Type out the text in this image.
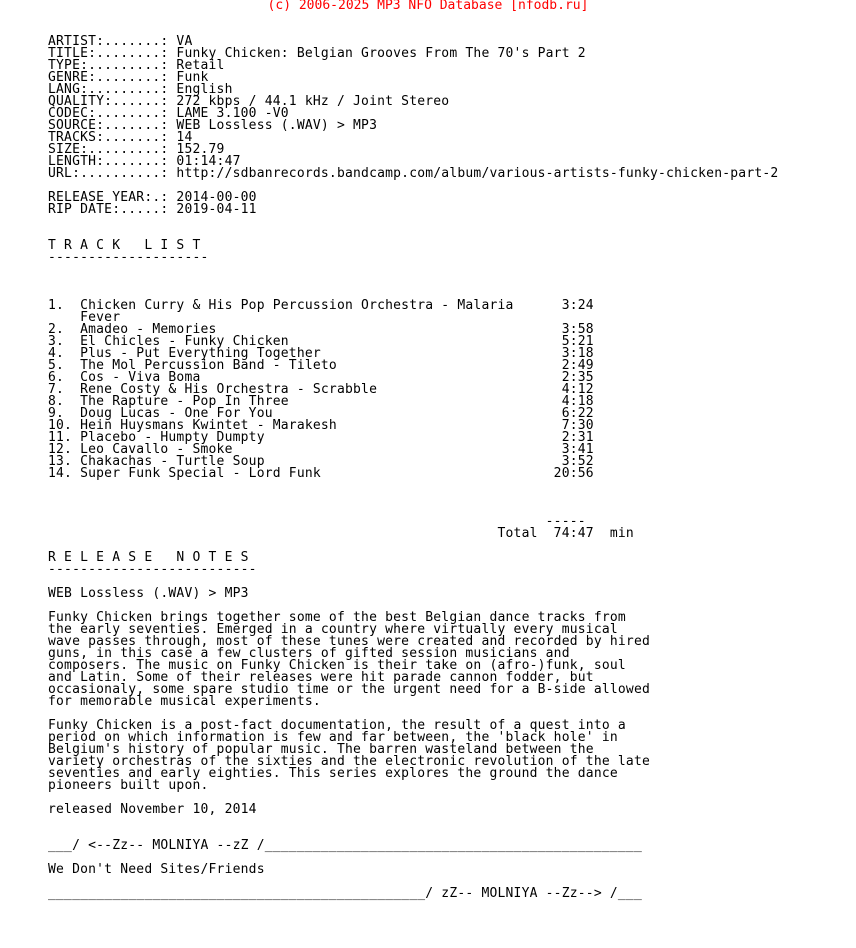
(c) 2006-2025 MP3 NFO Database [nfodb.ru]
ARTIST:.......: VA
TITLE:........: Funky Chicken: Belgian Grooves From The 70's Part 2
TYPE:.........: Retail
GENRE:........: Funk
LANG:.........: English
QUALITY:......: 272 kbps / 44.1 kHz / Joint Stereo
CODEC:........: LAME 3.100 -V0
SOURCE:.......: WEB Lossless (.WAV) > MP3
TRACKS:.......: 14
SIZE:.........: 152.79
LENGTH:.......: 01:14:47
URL:..........: http://sdbanrecords.bandcamp.com/album/various-artists-funky-chicken-part-2

RELEASE YEAR:.: 2014-00-00
RIP DATE:.....: 2019-04-11

T R A C K   L I S T
--------------------

1.  Chicken Curry & His Pop Percussion Orchestra - Malaria      3:24
Fever
2.  Amadeo - Memories                                           3:58
3.  El Chicles - Funky Chicken                                  5:21
4.  Plus - Put Everything Together                              3:18
5.  The Mol Percussion Band - Tileto                            2:49
6.  Cos - Viva Boma                                             2:35
7.  Rene Costy & His Orchestra - Scrabble                       4:12
8.  The Rapture - Pop In Three                                  4:18
9.  Doug Lucas - One For You                                    6:22
10. Hein Huysmans Kwintet - Marakesh                            7:30
11. Placebo - Humpty Dumpty                                     2:31
12. Leo Cavallo - Smoke                                         3:41
13. Chakachas - Turtle Soup                                     3:52
14. Super Funk Special - Lord Funk                             20:56

-----
Total  74:47  min

R E L E A S E   N O T E S
--------------------------

WEB Lossless (.WAV) > MP3

Funky Chicken brings together some of the best Belgian dance tracks from
the early seventies. Emerged in a country where virtually every musical
wave passes through, most of these tunes were created and recorded by hired
guns, in this case a few clusters of gifted session musicians and
composers. The music on Funky Chicken is their take on (afro-)funk, soul
and Latin. Some of their releases were hit parade cannon fodder, but
occasionaly, some spare studio time or the urgent need for a B-side allowed
for memorable musical experiments.

Funky Chicken is a post-fact documentation, the result of a quest into a
period on which information is few and far between, the 'black hole' in
Belgium's history of popular music. The barren wasteland between the
variety orchestras of the sixties and the electronic revolution of the late
seventies and early eighties. This series explores the ground the dance
pioneers built upon.

released November 10, 2014

___/ <--Zz-- MOLNIYA --zZ /_______________________________________________

We Don't Need Sites/Friends

_______________________________________________/ zZ-- MOLNIYA --Zz--> /___
